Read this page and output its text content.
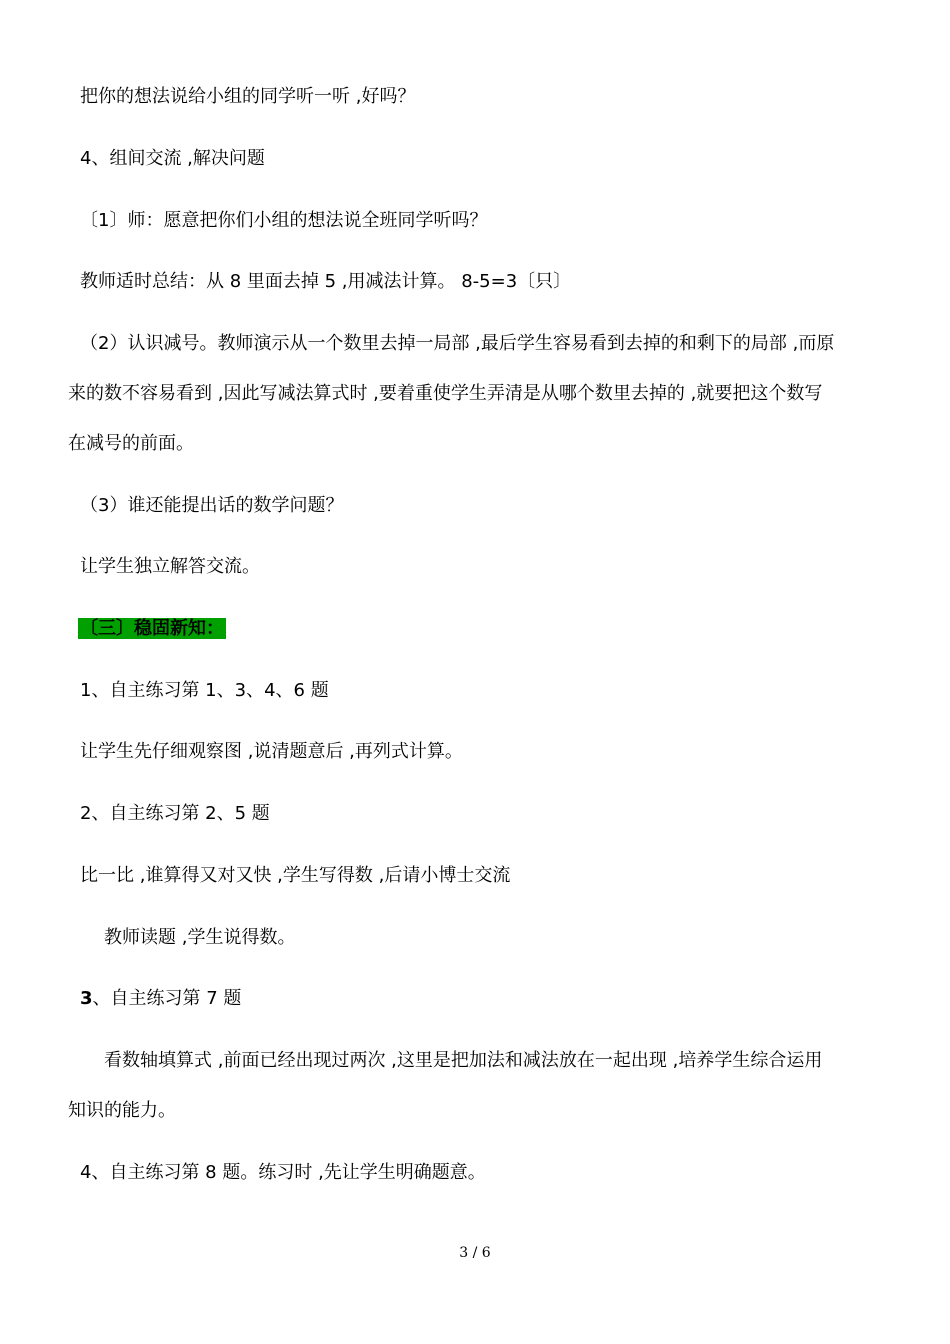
把你的想法说给小组的同学听一听 ,好吗？
4、组间交流 ,解决问题
〔1〕师：愿意把你们小组的想法说全班同学听吗？
教师适时总结：从 8 里面去掉 5 ,用减法计算。 8-5=3〔只〕
（2）认识减号。教师演示从一个数里去掉一局部 ,最后学生容易看到去掉的和剩下的局部 ,而原
来的数不容易看到 ,因此写减法算式时 ,要着重使学生弄清是从哪个数里去掉的 ,就要把这个数写
在减号的前面。
（3）谁还能提出话的数学问题？
让学生独立解答交流。
〔三〕稳固新知：
1、自主练习第 1、3、4、6 题
让学生先仔细观察图 ,说清题意后 ,再列式计算。
2、自主练习第 2、5 题
比一比 ,谁算得又对又快 ,学生写得数 ,后请小博士交流
教师读题 ,学生说得数。
3、自主练习第 7 题
看数轴填算式 ,前面已经出现过两次 ,这里是把加法和减法放在一起出现 ,培养学生综合运用
知识的能力。
4、自主练习第 8 题。练习时 ,先让学生明确题意。
3 / 6
